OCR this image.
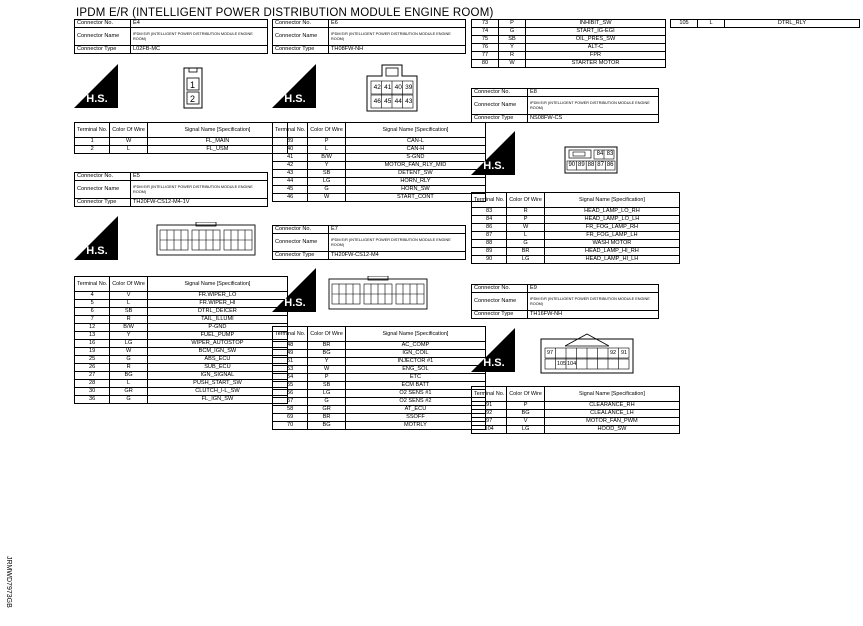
IPDM E/R (INTELLIGENT POWER DISTRIBUTION MODULE ENGINE ROOM)
Connector No.	E4
Connector Name	IPDM E/R (INTELLIGENT POWER DISTRIBUTION MODULE ENGINE ROOM)
Connector Type	L02FB-MC
H.S.
1
2
Terminal No.	Color Of Wire	Signal Name [Specification]
1	W	FL_MAIN
2	L	FL_USM
Connector No.	E5
Connector Name	IPDM E/R (INTELLIGENT POWER DISTRIBUTION MODULE ENGINE ROOM)
Connector Type	TH20FW-CS12-M4-1V
H.S.
Terminal No.	Color Of Wire	Signal Name [Specification]
4	V	FR.WIPER_LO
5	L	FR.WIPER_HI
6	SB	DTRL_DEICER
7	R	TAIL_ILLUMI
12	B/W	P-GND
13	Y	FUEL_PUMP
16	LG	WIPER_AUTOSTOP
19	W	BCM_IGN_SW
25	G	ABS_ECU
26	R	SUB_ECU
27	BG	IGN_SIGNAL
28	L	PUSH_START_SW
30	GR	CLUTCH_I-L_SW
36	G	FL_IGN_SW
Connector No.	E6
Connector Name	IPDM E/R (INTELLIGENT POWER DISTRIBUTION MODULE ENGINE ROOM)
Connector Type	TH08FW-NH
H.S.
42 41 40 39
46 45 44 43
Terminal No.	Color Of Wire	Signal Name [Specification]
39	P	CAN-L
40	L	CAN-H
41	B/W	S-GND
42	Y	MOTOR_FAN_RLY_MID
43	SB	DETENT_SW
44	LG	HORN_RLY
45	G	HORN_SW
46	W	START_CONT
Connector No.	E7
Connector Name	IPDM E/R (INTELLIGENT POWER DISTRIBUTION MODULE ENGINE ROOM)
Connector Type	TH20FW-CS12-M4
H.S.
Terminal No.	Color Of Wire	Signal Name [Specification]
48	BR	AC_COMP
49	BG	IGN_COIL
51	Y	INJECTOR #1
53	W	ENG_SOL
54	P	ETC
55	SB	ECM BATT
56	LG	O2 SENS #1
57	G	O2 SENS #2
58	GR	AT_ECU
69	BR	SSOFF
70	BG	MOTRLY
73	P	INHIBIT_SW
74	G	START_IG-EGI
75	SB	OIL_PRES_SW
76	Y	ALT-C
77	R	FPR
80	W	STARTER MOTOR
Connector No.	E8
Connector Name	IPDM E/R (INTELLIGENT POWER DISTRIBUTION MODULE ENGINE ROOM)
Connector Type	NS08FW-CS
H.S.
84 83
90 89 88 87 86
Terminal No.	Color Of Wire	Signal Name [Specification]
83	R	HEAD_LAMP_LO_RH
84	P	HEAD_LAMP_LO_LH
86	W	FR_FOG_LAMP_RH
87	L	FR_FOG_LAMP_LH
88	G	WASH MOTOR
89	BR	HEAD_LAMP_HI_RH
90	LG	HEAD_LAMP_HI_LH
Connector No.	E9
Connector Name	IPDM E/R (INTELLIGENT POWER DISTRIBUTION MODULE ENGINE ROOM)
Connector Type	TH16FW-NH
H.S.
97	92 91
105 104
Terminal No.	Color Of Wire	Signal Name [Specification]
91	P	CLEARANCE_RH
92	BG	CLEALANCE_LH
97	V	MOTOR_FAN_PWM
104	LG	HOOD_SW
105	L	DTRL_RLY
JRMWD7973GB
